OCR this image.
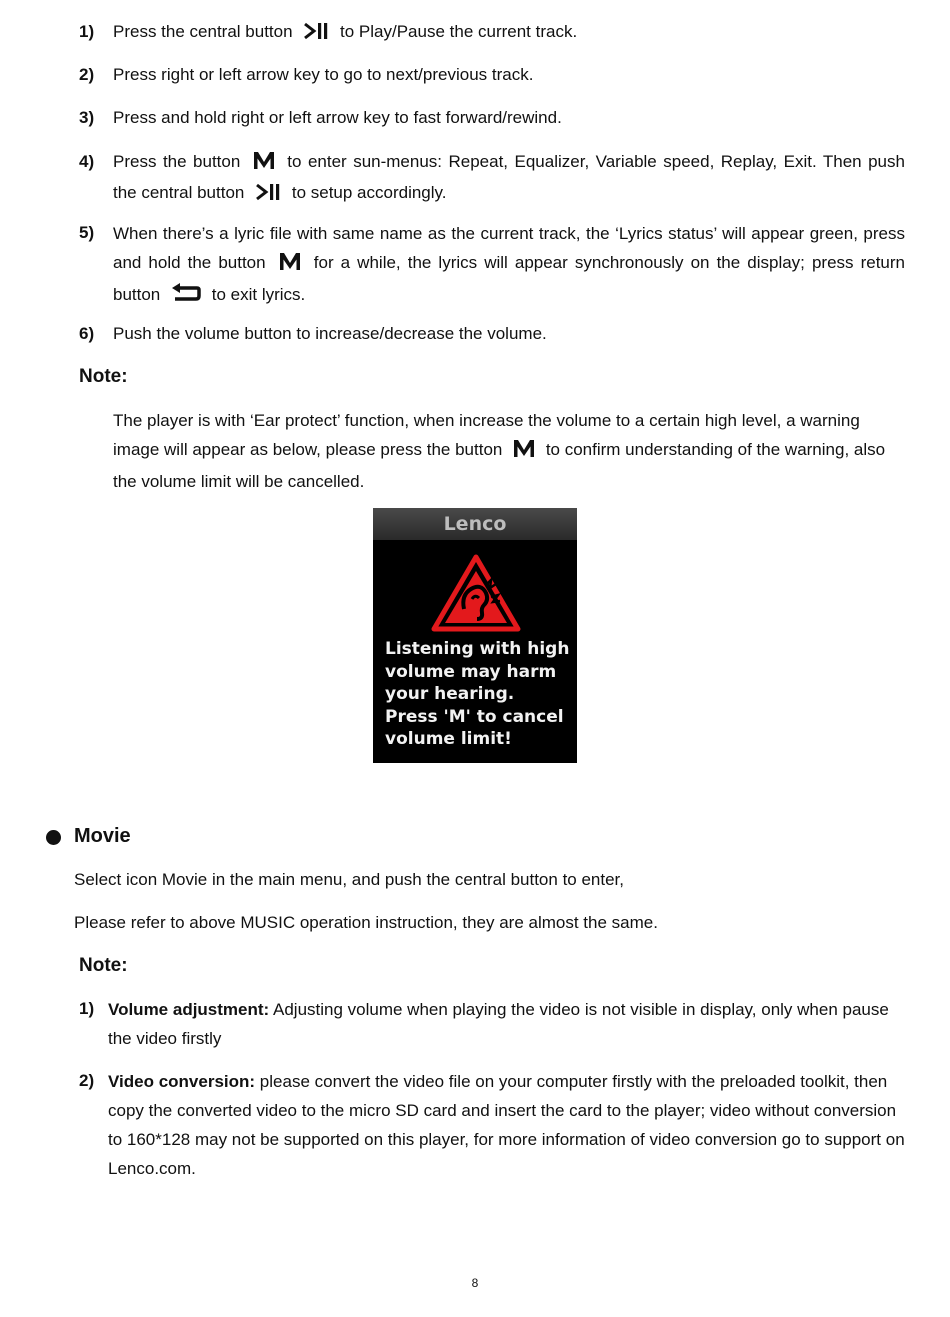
1) Press the central button	to Play/Pause the current track.
2) Press right or left arrow key to go to next/previous track.
3) Press and hold right or left arrow key to fast forward/rewind.
4) Press the button	to enter sun-menus: Repeat, Equalizer, Variable speed, Replay, Exit. Then push the central button	to setup accordingly.
5) When there’s a lyric file with same name as the current track, the ‘Lyrics status’ will appear green, press and hold the button	for a while, the lyrics will appear synchronously on the display; press return button	to exit lyrics.
6) Push the volume button to increase/decrease the volume.
Note:
The player is with ‘Ear protect’ function, when increase the volume to a certain high level, a warning image will appear as below, please press the button	to confirm understanding of the warning, also the volume limit will be cancelled.
Lenco
Listening with high
volume may harm
your hearing.
Press 'M' to cancel
volume limit!
Movie
Select icon Movie in the main menu, and push the central button to enter,
Please refer to above MUSIC operation instruction, they are almost the same.
Note:
1) Volume adjustment: Adjusting volume when playing the video is not visible in display, only when pause the video firstly
2) Video conversion: please convert the video file on your computer firstly with the preloaded toolkit, then copy the converted video to the micro SD card and insert the card to the player; video without conversion to 160*128 may not be supported on this player, for more information of video conversion go to support on Lenco.com.
8
